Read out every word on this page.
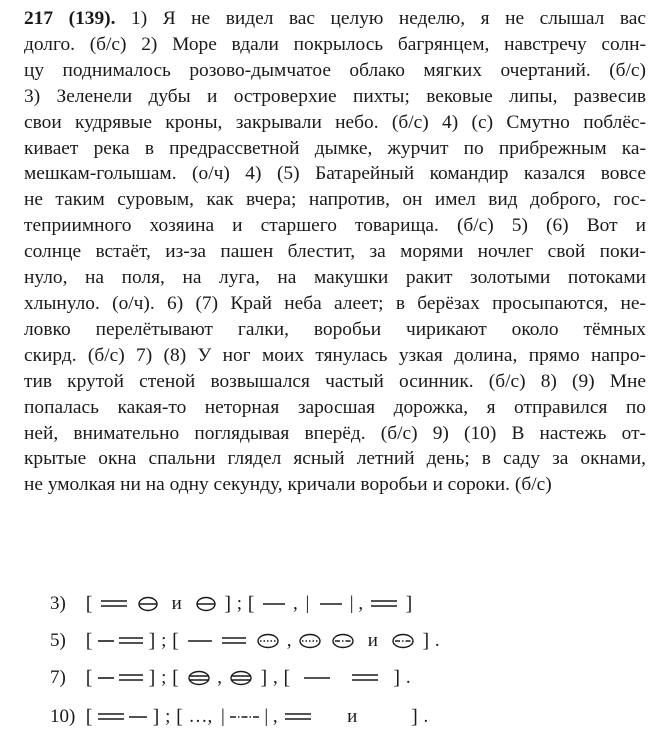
217 (139). 1) Я не видел вас целую неделю, я не слышал вас
долго. (б/с) 2) Море вдали покрылось багрянцем, навстречу солн-
цу поднималось розово-дымчатое облако мягких очертаний. (б/с)
3) Зеленели дубы и островерхие пихты; вековые липы, развесив
свои кудрявые кроны, закрывали небо. (б/с) 4) (с) Смутно поблёс-
кивает река в предрассветной дымке, журчит по прибрежным ка-
мешкам-голышам. (о/ч) 4) (5) Батарейный командир казался вовсе
не таким суровым, как вчера; напротив, он имел вид доброго, гос-
теприимного хозяина и старшего товарища. (б/с) 5) (6) Вот и
солнце встаёт, из-за пашен блестит, за морями ночлег свой поки-
нуло, на поля, на луга, на макушки ракит золотыми потоками
хлынуло. (о/ч). 6) (7) Край неба алеет; в берёзах просыпаются, не-
ловко перелётывают галки, воробьи чирикают около тёмных
скирд. (б/с) 7) (8) У ног моих тянулась узкая долина, прямо напро-
тив крутой стеной возвышался частый осинник. (б/с) 8) (9) Мне
попалась какая-то неторная заросшая дорожка, я отправился по
ней, внимательно поглядывая вперёд. (б/с) 9) (10) В настежь от-
крытые окна спальни глядел ясный летний день; в саду за окнами,
не умолкая ни на одну секунду, кричали воробьи и сороки. (б/с)
3) [	и ] ; [ , | | , ]
5) [	] ; [	,	и ] .
7) [	] ; [ , ] , [	] .
10) [	] ; [ …, | | ,	и	] .
